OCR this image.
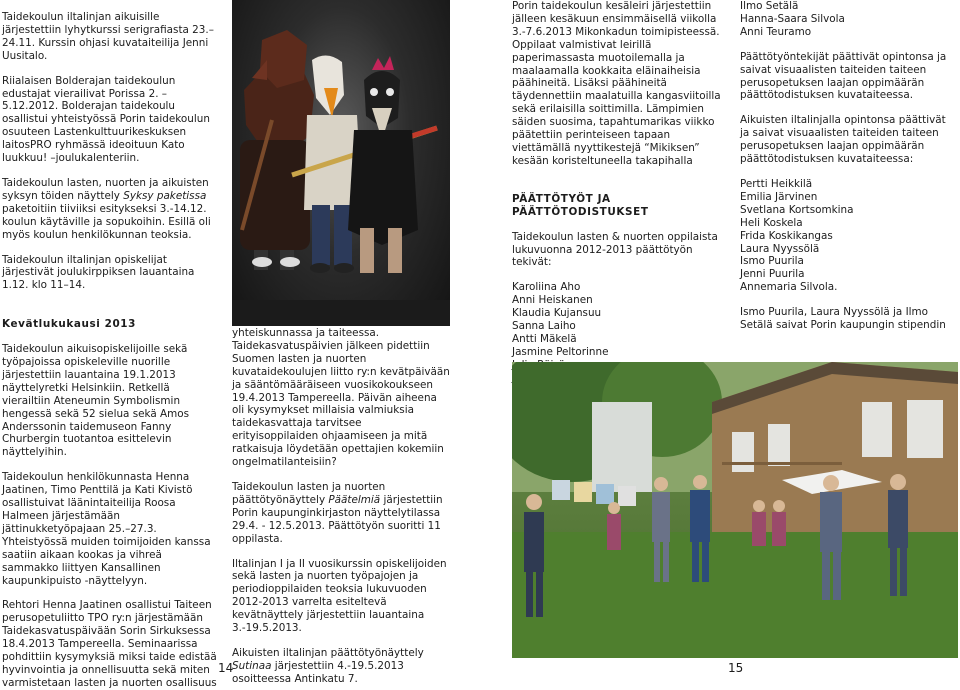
Taidekoulun iltalinjan aikuisille järjestettiin lyhytkurssi serigrafiasta 23.–24.11. Kurssin ohjasi kuvataiteilija Jenni Uusitalo.

Riialaisen Bolderajan taidekoulun edustajat vierailivat Porissa 2. – 5.12.2012. Bolderajan taidekoulu osallistui yhteistyössä Porin taidekoulun osuuteen Lastenkulttuurikeskuksen laitosPRO ryhmässä ideoituun Kato luukkuu! –joulukalenteriin.

Taidekoulun lasten, nuorten ja aikuisten syksyn töiden näyttely Syksy paketissa paketoitiin tiiviiksi esitykseksi 3.-14.12. koulun käytäville ja sopukoihin. Esillä oli myös koulun henkilökunnan teoksia.

Taidekoulun iltalinjan opiskelijat järjestivät joulukirppiksen lauantaina 1.12. klo 11–14.

Kevätlukukausi 2013

Taidekoulun aikuisopiskelijoille sekä työpajoissa opiskeleville nuorille järjestettiin lauantaina 19.1.2013 näyttelyretki Helsinkiin. Retkellä vierailtiin Ateneumin Symbolismin hengessä sekä 52 sielua sekä Amos Anderssonin taidemuseon Fanny Churbergin tuotantoa esittelevin näyttelyihin.

Taidekoulun henkilökunnasta Henna Jaatinen, Timo Penttilä ja Kati Kivistö osallistuivat läänintaiteilija Roosa Halmeen järjestämään jättinukketyöpajaan 25.–27.3. Yhteistyössä muiden toimijoiden kanssa saatiin aikaan kookas ja vihreä sammakko liittyen Kansallinen kaupunkipuisto -näyttelyyn.

Rehtori Henna Jaatinen osallistui Taiteen perusopetuliitto TPO ry:n järjestämään Taidekasvatuspäivään Sorin Sirkuksessa 18.4.2013 Tampereella. Seminaarissa pohdittiin kysymyksiä miksi taide edistää hyvinvointia ja onnellisuutta sekä miten varmistetaan lasten ja nuorten osallisuus

yhteiskunnassa ja taiteessa. Taidekasvatuspäivien jälkeen pidettiin Suomen lasten ja nuorten kuvataidekoulujen liitto ry:n kevätpäivään ja sääntömääräiseen vuosikokoukseen 19.4.2013 Tampereella. Päivän aiheena oli kysymykset millaisia valmiuksia taidekasvattaja tarvitsee erityisoppilaiden ohjaamiseen ja mitä ratkaisuja löydetään opettajien kokemiin ongelmatilanteisiin?

Taidekoulun lasten ja nuorten päättötyönäyttely Päätelmiä järjestettiin Porin kaupunginkirjaston näyttelytilassa 29.4. - 12.5.2013. Päättötyön suoritti 11 oppilasta.

Iltalinjan I ja II vuosikurssin opiskelijoiden sekä lasten ja nuorten työpajojen ja periodioppilaiden teoksia lukuvuoden 2012-2013 varrelta esiteltevä kevätnäyttely järjestettiin lauantaina 3.-19.5.2013.

Aikuisten iltalinjan päättötyönäyttely Sutinaa järjestettiin 4.-19.5.2013 osoitteessa Antinkatu 7.

14

Porin taidekoulun kesäleiri järjestettiin jälleen kesäkuun ensimmäisellä viikolla 3.-7.6.2013 Mikonkadun toimipisteessä. Oppilaat valmistivat leirillä paperimassasta muotoilemalla ja maalaamalla kookkaita eläinaiheisia päähineitä. Lisäksi päähineitä täydennettiin maalatuilla kangasviitoilla sekä erilaisilla soittimilla. Lämpimien säiden suosima, tapahtumarikas viikko päätettiin perinteiseen tapaan viettämällä nyyttikestejä “Mikiksen” kesään koristeltuneella takapihalla

PÄÄTTÖTYÖT JA
PÄÄTTÖTODISTUKSET

Taidekoulun lasten & nuorten oppilaista lukuvuonna 2012-2013 päättötyön tekivät:

Karoliina Aho
Anni Heiskanen
Klaudia Kujansuu
Sanna Laiho
Antti Mäkelä
Jasmine Peltorinne
Ilmo Setälä
Hanna-Saara Silvola
Anni Teuramo

Päättötyöntekijät päättivät opintonsa ja saivat visuaalisten taiteiden taiteen perusopetuksen laajan oppimäärän päättötodistuksen kuvataiteessa.

Aikuisten iltalinjalla opintonsa päättivät ja saivat visuaalisten taiteiden taiteen perusopetuksen laajan oppimäärän päättötodistuksen kuvataiteessa:

Pertti Heikkilä
Emilia Järvinen
Svetlana Kortsomkina
Heli Koskela
Frida Koskikangas
Laura Nyyssölä
Ismo Puurila
Jenni Puurila
Annemaria Silvola.

Ismo Puurila, Laura Nyyssölä ja Ilmo Setälä saivat Porin kaupungin stipendin

15
